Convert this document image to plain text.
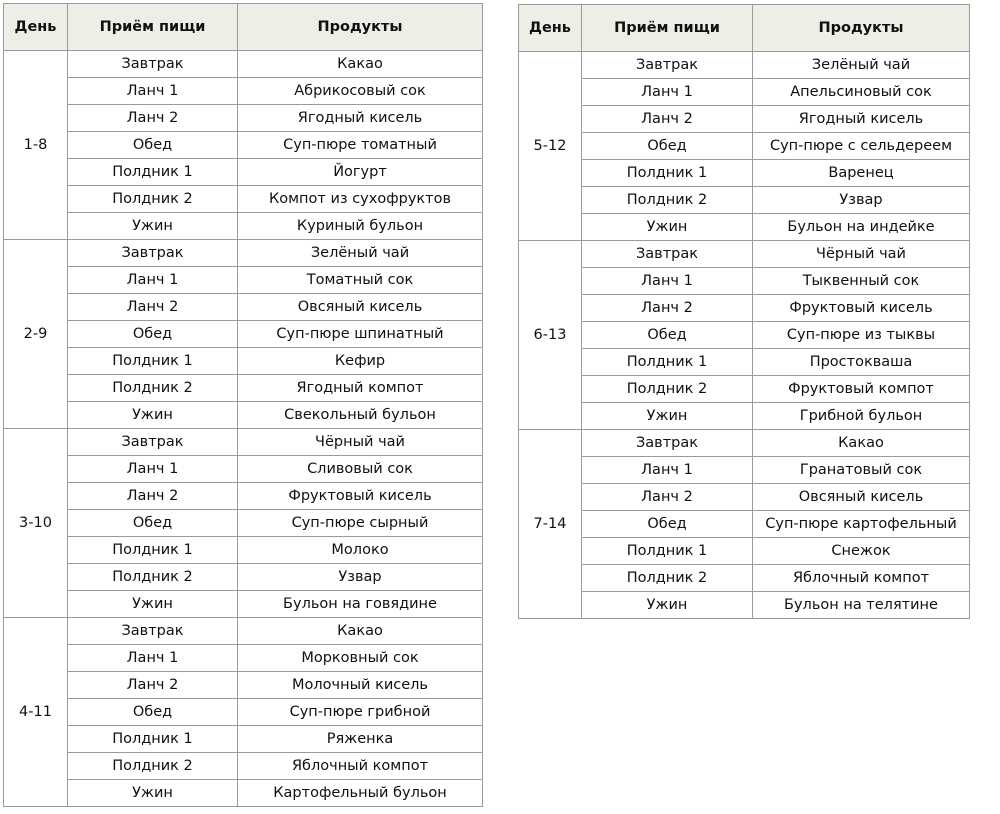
День	Приём пищи	Продукты
1-8	Завтрак	Какао
	Ланч 1	Абрикосовый сок
	Ланч 2	Ягодный кисель
	Обед	Суп-пюре томатный
	Полдник 1	Йогурт
	Полдник 2	Компот из сухофруктов
	Ужин	Куриный бульон
2-9	Завтрак	Зелёный чай
	Ланч 1	Томатный сок
	Ланч 2	Овсяный кисель
	Обед	Суп-пюре шпинатный
	Полдник 1	Кефир
	Полдник 2	Ягодный компот
	Ужин	Свекольный бульон
3-10	Завтрак	Чёрный чай
	Ланч 1	Сливовый сок
	Ланч 2	Фруктовый кисель
	Обед	Суп-пюре сырный
	Полдник 1	Молоко
	Полдник 2	Узвар
	Ужин	Бульон на говядине
4-11	Завтрак	Какао
	Ланч 1	Морковный сок
	Ланч 2	Молочный кисель
	Обед	Суп-пюре грибной
	Полдник 1	Ряженка
	Полдник 2	Яблочный компот
	Ужин	Картофельный бульон
День	Приём пищи	Продукты
5-12	Завтрак	Зелёный чай
	Ланч 1	Апельсиновый сок
	Ланч 2	Ягодный кисель
	Обед	Суп-пюре с сельдереем
	Полдник 1	Варенец
	Полдник 2	Узвар
	Ужин	Бульон на индейке
6-13	Завтрак	Чёрный чай
	Ланч 1	Тыквенный сок
	Ланч 2	Фруктовый кисель
	Обед	Суп-пюре из тыквы
	Полдник 1	Простокваша
	Полдник 2	Фруктовый компот
	Ужин	Грибной бульон
7-14	Завтрак	Какао
	Ланч 1	Гранатовый сок
	Ланч 2	Овсяный кисель
	Обед	Суп-пюре картофельный
	Полдник 1	Снежок
	Полдник 2	Яблочный компот
	Ужин	Бульон на телятине
